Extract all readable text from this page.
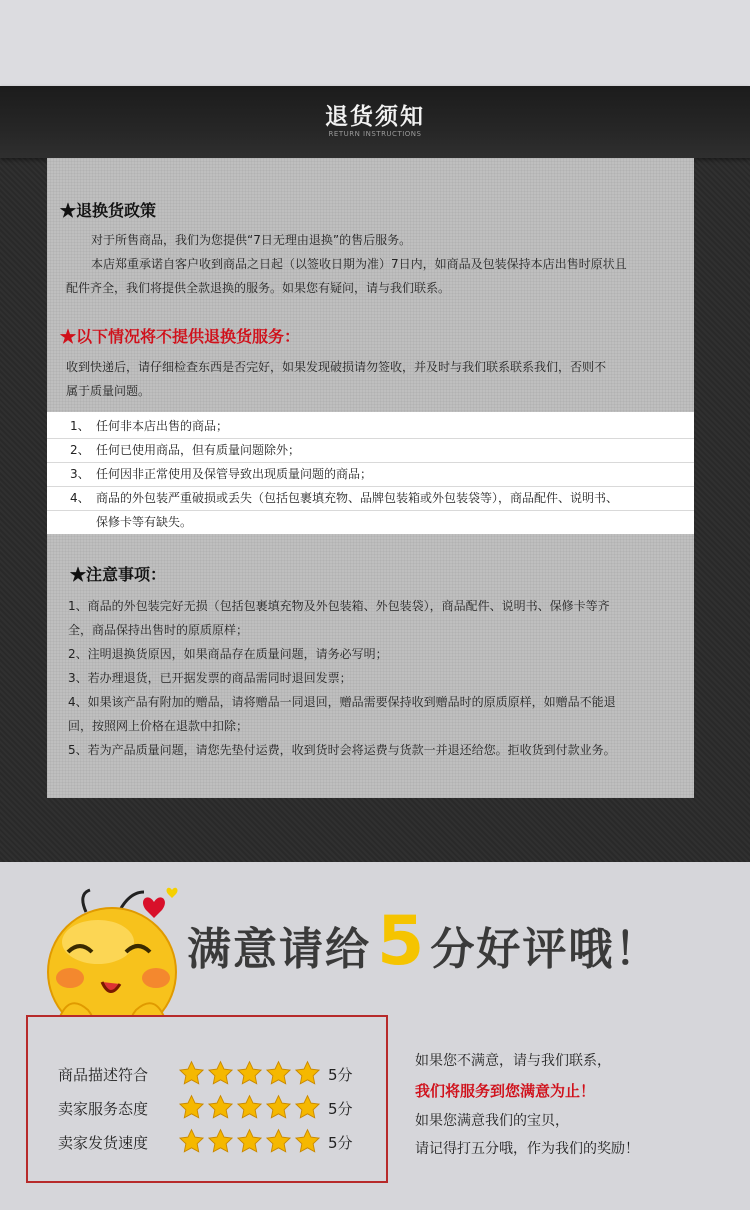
退货须知
RETURN INSTRUCTIONS
★退换货政策
对于所售商品，我们为您提供“7日无理由退换”的售后服务。
本店郑重承诺自客户收到商品之日起（以签收日期为准）7日内，如商品及包装保持本店出售时原状且
配件齐全，我们将提供全款退换的服务。如果您有疑问，请与我们联系。
★以下情况将不提供退换货服务：
收到快递后，请仔细检查东西是否完好，如果发现破损请勿签收，并及时与我们联系联系我们，否则不
属于质量问题。
1、 任何非本店出售的商品；
2、 任何已使用商品，但有质量问题除外；
3、 任何因非正常使用及保管导致出现质量问题的商品；
4、 商品的外包装严重破损或丢失（包括包裹填充物、品牌包装箱或外包装袋等），商品配件、说明书、
保修卡等有缺失。
★注意事项：
1、商品的外包装完好无损（包括包裹填充物及外包装箱、外包装袋），商品配件、说明书、保修卡等齐
全，商品保持出售时的原质原样；
2、注明退换货原因，如果商品存在质量问题，请务必写明；
3、若办理退货，已开据发票的商品需同时退回发票；
4、如果该产品有附加的赠品，请将赠品一同退回，赠品需要保持收到赠品时的原质原样，如赠品不能退
回，按照网上价格在退款中扣除；
5、若为产品质量问题，请您先垫付运费，收到货时会将运费与货款一并退还给您。拒收货到付款业务。
满意请给5 分好评哦！
商品描述符合	5分
卖家服务态度	5分
卖家发货速度	5分
如果您不满意，请与我们联系，
我们将服务到您满意为止！
如果您满意我们的宝贝，
请记得打五分哦，作为我们的奖励！
